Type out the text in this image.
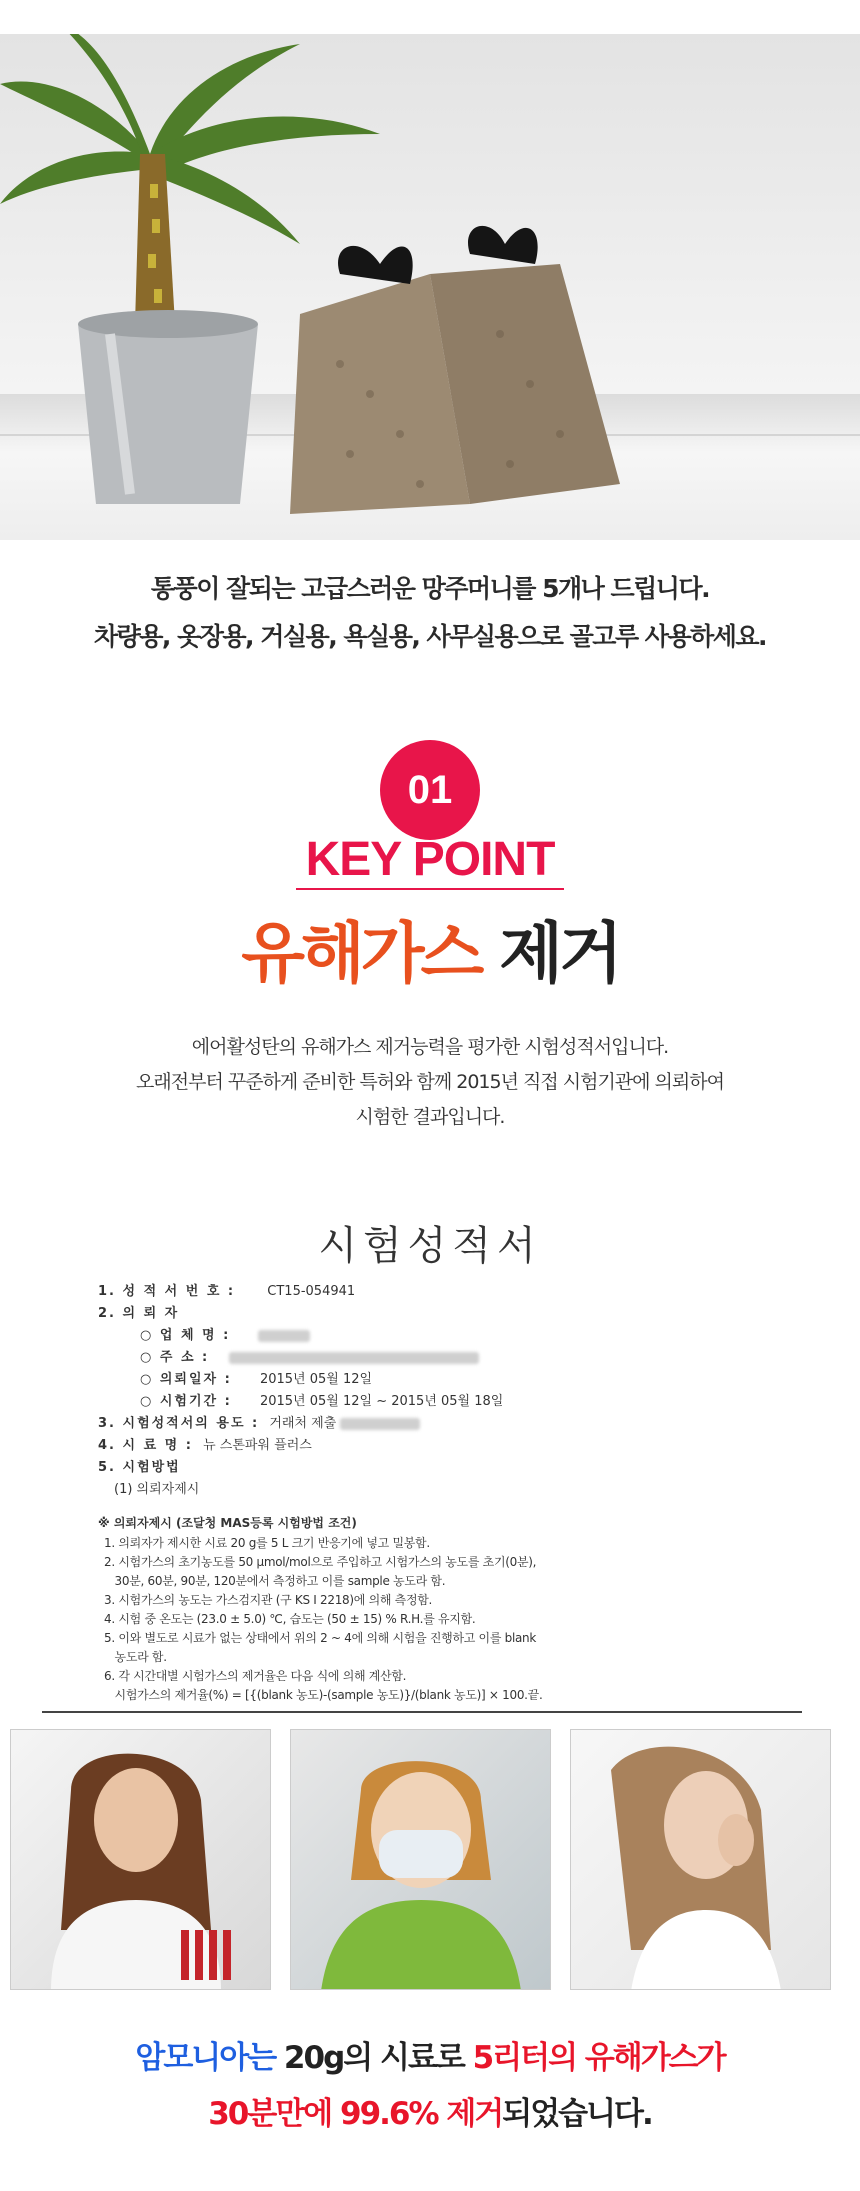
통풍이 잘되는 고급스러운 망주머니를 5개나 드립니다.
차량용, 옷장용, 거실용, 욕실용, 사무실용으로 골고루 사용하세요.
01
KEY POINT
유해가스 제거
에어활성탄의 유해가스 제거능력을 평가한 시험성적서입니다.
오래전부터 꾸준하게 준비한 특허와 함께 2015년 직접 시험기관에 의뢰하여
시험한 결과입니다.
시험성적서
1. 성 적 서 번 호 : CT15-054941
2. 의 뢰 자
○ 업 체 명 :
○ 주 소 :
○ 의뢰일자 : 2015년 05월 12일
○ 시험기간 : 2015년 05월 12일 ~ 2015년 05월 18일
3. 시험성적서의 용도 : 거래처 제출
4. 시 료 명 : 뉴 스톤파워 플러스
5. 시험방법
(1) 의뢰자제시
※ 의뢰자제시 (조달청 MAS등록 시험방법 조건)
1. 의뢰자가 제시한 시료 20 g를 5 L 크기 반응기에 넣고 밀봉함.
2. 시험가스의 초기농도를 50 μmol/mol으로 주입하고 시험가스의 농도를 초기(0분),
30분, 60분, 90분, 120분에서 측정하고 이를 sample 농도라 함.
3. 시험가스의 농도는 가스검지관 (구 KS I 2218)에 의해 측정함.
4. 시험 중 온도는 (23.0 ± 5.0) ℃, 습도는 (50 ± 15) % R.H.를 유지함.
5. 이와 별도로 시료가 없는 상태에서 위의 2 ~ 4에 의해 시험을 진행하고 이를 blank
농도라 함.
6. 각 시간대별 시험가스의 제거율은 다음 식에 의해 계산함.
시험가스의 제거율(%) = [{(blank 농도)-(sample 농도)}/(blank 농도)] × 100.끝.
암모니아는 20g의 시료로 5리터의 유해가스가
30분만에 99.6% 제거되었습니다.
